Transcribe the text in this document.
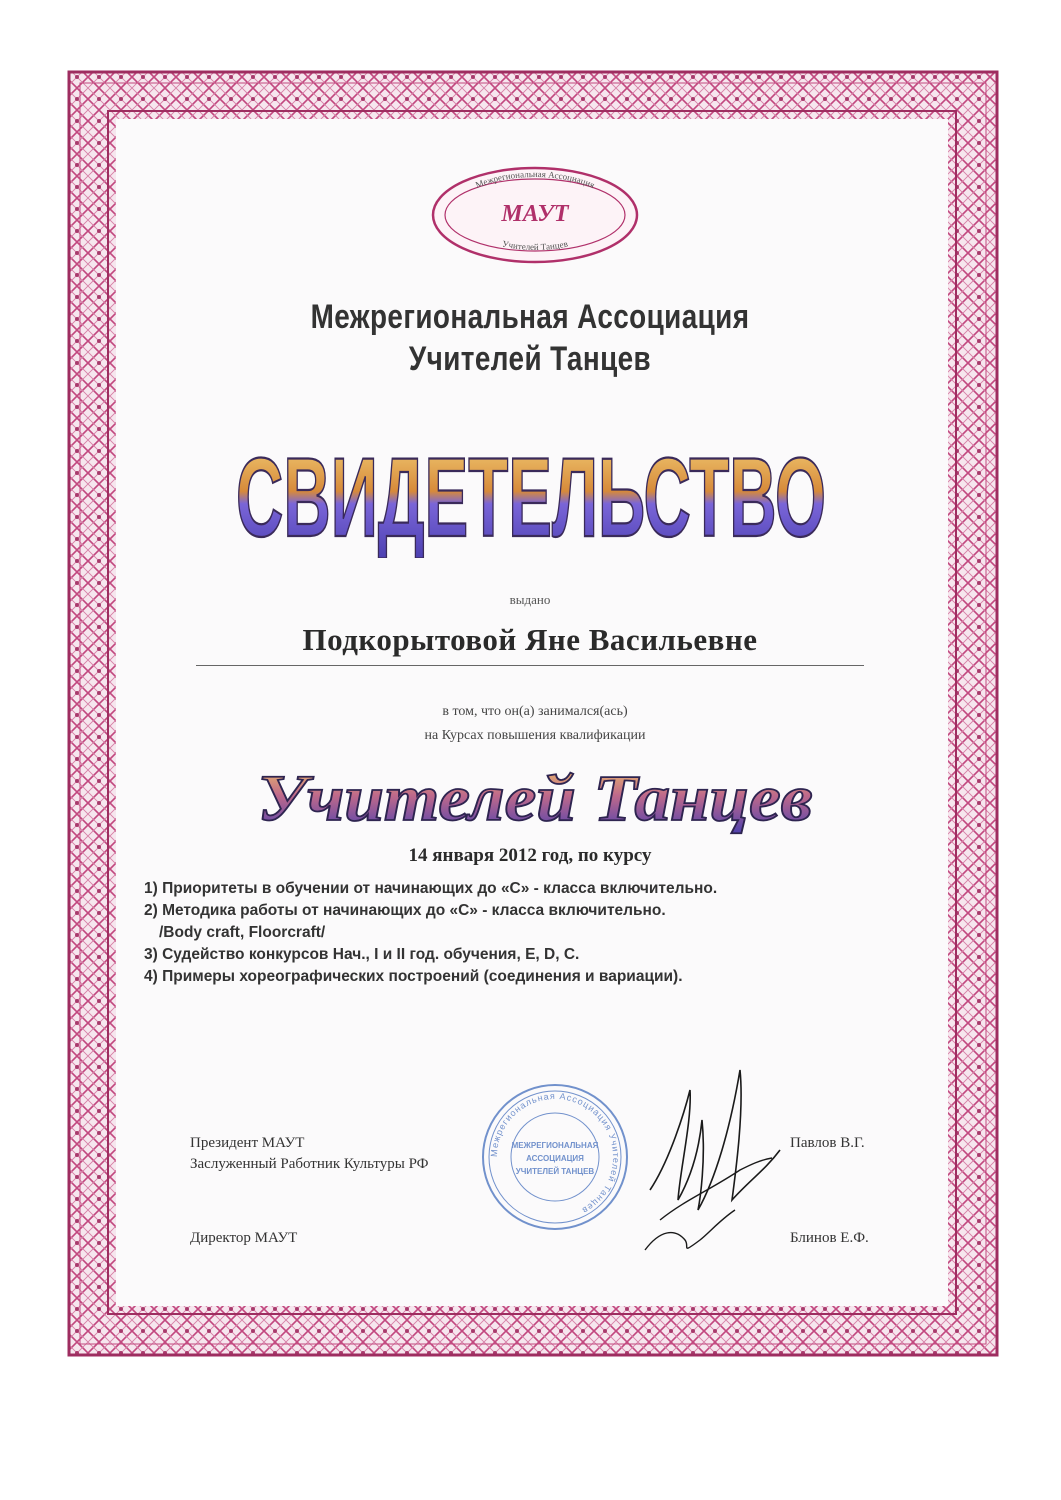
Межрегиональная Ассоциация
МАУТ
Учителей Танцев
Межрегиональная Ассоциация
Учителей Танцев
СВИДЕТЕЛЬСТВО
выдано
Подкорытовой Яне Васильевне
в том, что он(а) занимался(ась)
на Курсах повышения квалификации
Учителей Танцев
14 января 2012 год, по курсу
1) Приоритеты в обучении от начинающих до «С» - класса включительно.
2) Методика работы от начинающих до «С» - класса включительно.
/Body craft, Floorcraft/
3) Судейство конкурсов Нач., I и II год. обучения, E, D, C.
4) Примеры хореографических построений (соединения и вариации).
Президент МАУТ
Заслуженный Работник Культуры РФ
Павлов В.Г.
Директор МАУТ	Блинов Е.Ф.
Межрегиональная Ассоциация Учителей Танцев
МЕЖРЕГИОНАЛЬНАЯ
АССОЦИАЦИЯ
УЧИТЕЛЕЙ ТАНЦЕВ
